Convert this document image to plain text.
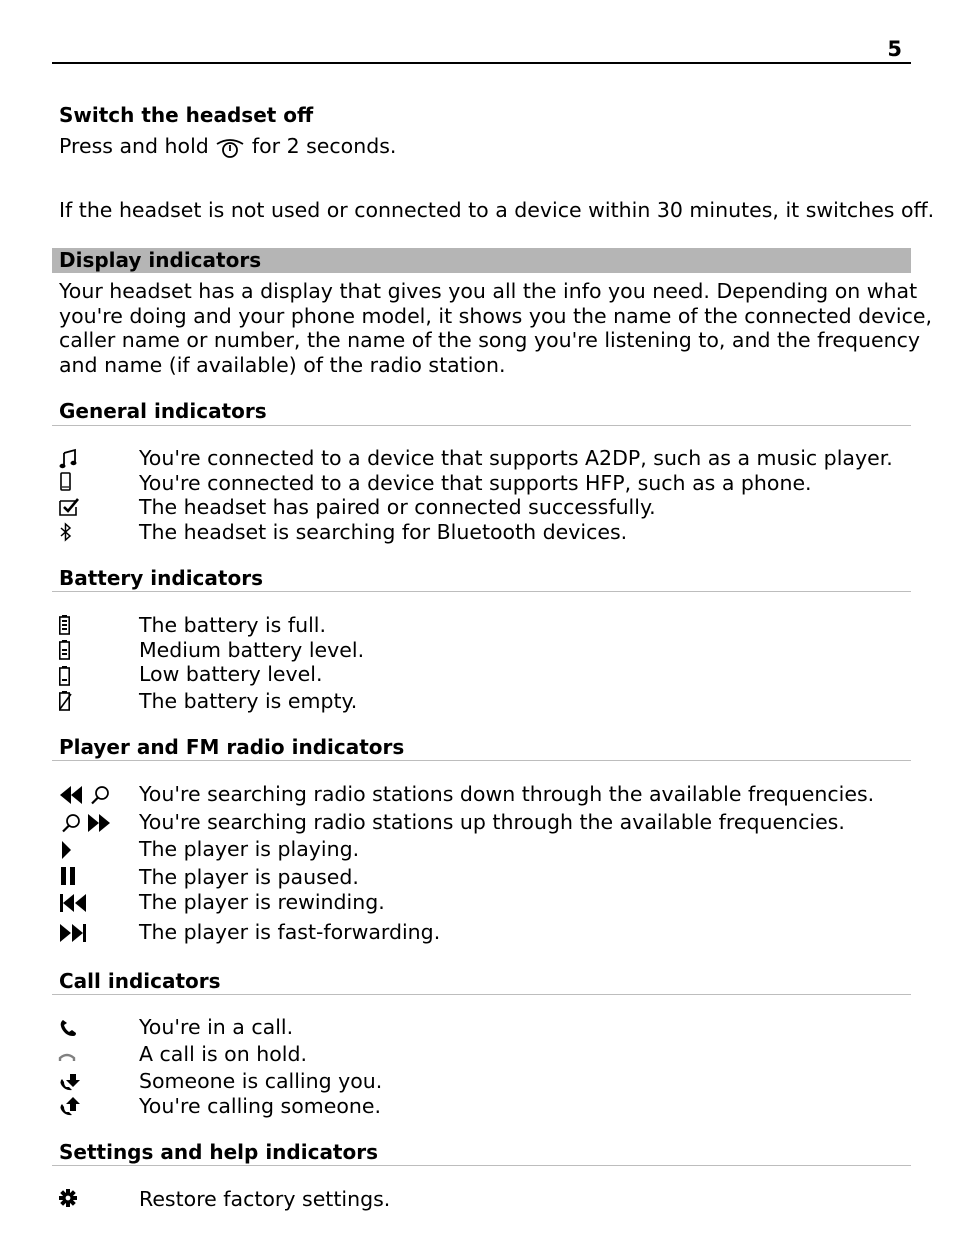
5
Switch the headset off
Press and hold for 2 seconds.
If the headset is not used or connected to a device within 30 minutes, it switches off.
Display indicators
Your headset has a display that gives you all the info you need. Depending on what
you're doing and your phone model, it shows you the name of the connected device,
caller name or number, the name of the song you're listening to, and the frequency
and name (if available) of the radio station.
General indicators
You're connected to a device that supports A2DP, such as a music player.
You're connected to a device that supports HFP, such as a phone.
The headset has paired or connected successfully.
The headset is searching for Bluetooth devices.
Battery indicators
The battery is full.
Medium battery level.
Low battery level.
The battery is empty.
Player and FM radio indicators
You're searching radio stations down through the available frequencies.
You're searching radio stations up through the available frequencies.
The player is playing.
The player is paused.
The player is rewinding.
The player is fast-forwarding.
Call indicators
You're in a call.
A call is on hold.
Someone is calling you.
You're calling someone.
Settings and help indicators
Restore factory settings.
